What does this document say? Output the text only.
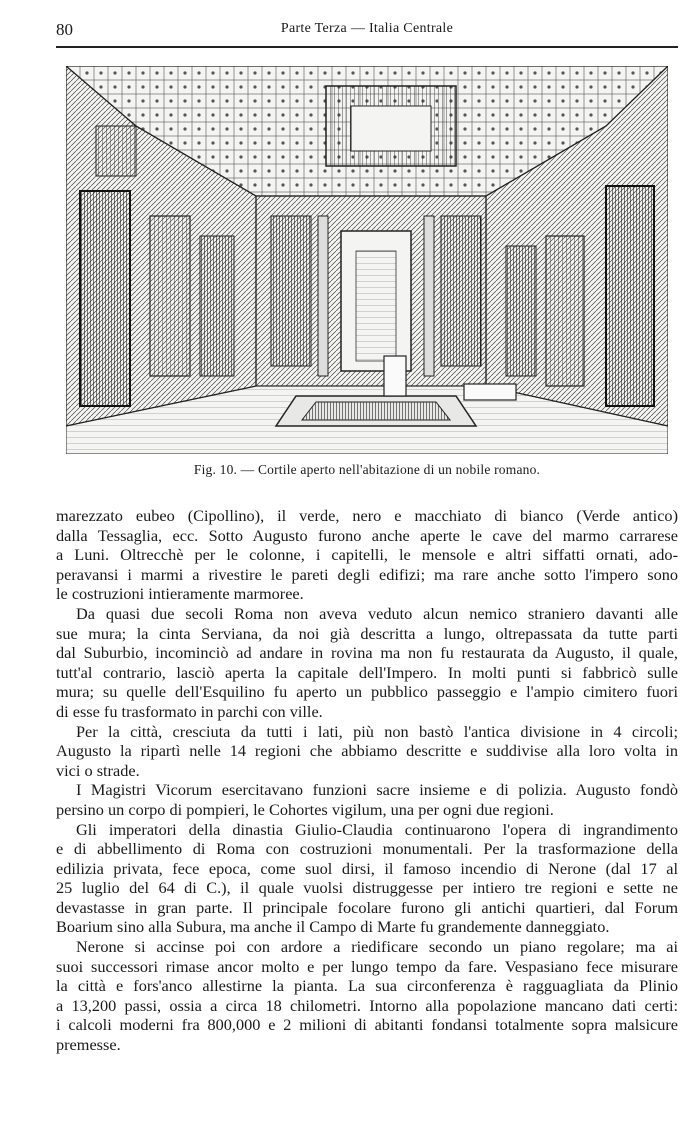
80	Parte Terza — Italia Centrale
Fig. 10. — Cortile aperto nell'abitazione di un nobile romano.

marezzato eubeo (Cipollino), il verde, nero e macchiato di bianco (Verde antico)
dalla Tessaglia, ecc. Sotto Augusto furono anche aperte le cave del marmo carrarese
a Luni. Oltrecchè per le colonne, i capitelli, le mensole e altri siffatti ornati, ado-
peravansi i marmi a rivestire le pareti degli edifizi; ma rare anche sotto l'impero sono
le costruzioni intieramente marmoree.

Da quasi due secoli Roma non aveva veduto alcun nemico straniero davanti alle
sue mura; la cinta Serviana, da noi già descritta a lungo, oltrepassata da tutte parti
dal Suburbio, incominciò ad andare in rovina ma non fu restaurata da Augusto, il quale,
tutt'al contrario, lasciò aperta la capitale dell'Impero. In molti punti si fabbricò sulle
mura; su quelle dell'Esquilino fu aperto un pubblico passeggio e l'ampio cimitero fuori
di esse fu trasformato in parchi con ville.

Per la città, cresciuta da tutti i lati, più non bastò l'antica divisione in 4 circoli;
Augusto la ripartì nelle 14 regioni che abbiamo descritte e suddivise alla loro volta in
vici o strade.

I Magistri Vicorum esercitavano funzioni sacre insieme e di polizia. Augusto fondò
persino un corpo di pompieri, le Cohortes vigilum, una per ogni due regioni.

Gli imperatori della dinastia Giulio-Claudia continuarono l'opera di ingrandimento
e di abbellimento di Roma con costruzioni monumentali. Per la trasformazione della
edilizia privata, fece epoca, come suol dirsi, il famoso incendio di Nerone (dal 17 al
25 luglio del 64 di C.), il quale vuolsi distruggesse per intiero tre regioni e sette ne
devastasse in gran parte. Il principale focolare furono gli antichi quartieri, dal Forum
Boarium sino alla Subura, ma anche il Campo di Marte fu grandemente danneggiato.

Nerone si accinse poi con ardore a riedificare secondo un piano regolare; ma ai
suoi successori rimase ancor molto e per lungo tempo da fare. Vespasiano fece misurare
la città e fors'anco allestirne la pianta. La sua circonferenza è ragguagliata da Plinio
a 13,200 passi, ossia a circa 18 chilometri. Intorno alla popolazione mancano dati certi:
i calcoli moderni fra 800,000 e 2 milioni di abitanti fondansi totalmente sopra malsicure
premesse.
